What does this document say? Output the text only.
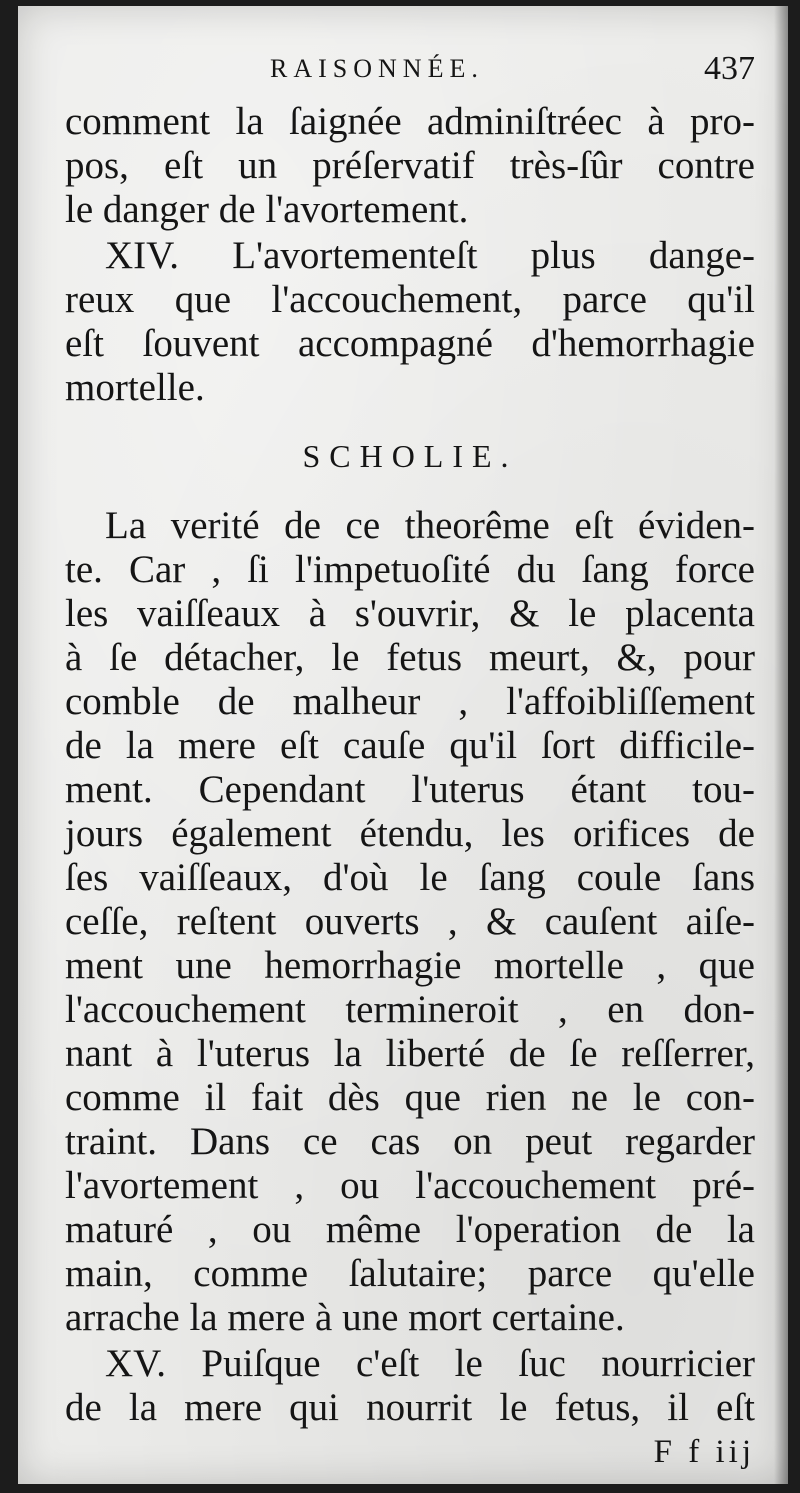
RAISONNÉE.	437
comment la ſaignée adminiſtréec à pro-
pos, eſt un préſervatif très-ſûr contre
le danger de l'avortement.
XIV. L'avortementeſt plus dange-
reux que l'accouchement, parce qu'il
eſt ſouvent accompagné d'hemorrhagie
mortelle.
SCHOLIE.
La verité de ce theorême eſt éviden-
te. Car , ſi l'impetuoſité du ſang force
les vaiſſeaux à s'ouvrir, & le placenta
à ſe détacher, le fetus meurt, &, pour
comble de malheur , l'affoibliſſement
de la mere eſt cauſe qu'il ſort difficile-
ment. Cependant l'uterus étant tou-
jours également étendu, les orifices de
ſes vaiſſeaux, d'où le ſang coule ſans
ceſſe, reſtent ouverts , & cauſent aiſe-
ment une hemorrhagie mortelle , que
l'accouchement termineroit , en don-
nant à l'uterus la liberté de ſe reſſerrer,
comme il fait dès que rien ne le con-
traint. Dans ce cas on peut regarder
l'avortement , ou l'accouchement pré-
maturé , ou même l'operation de la
main, comme ſalutaire; parce qu'elle
arrache la mere à une mort certaine.
XV. Puiſque c'eſt le ſuc nourricier
de la mere qui nourrit le fetus, il eſt
F f iij
